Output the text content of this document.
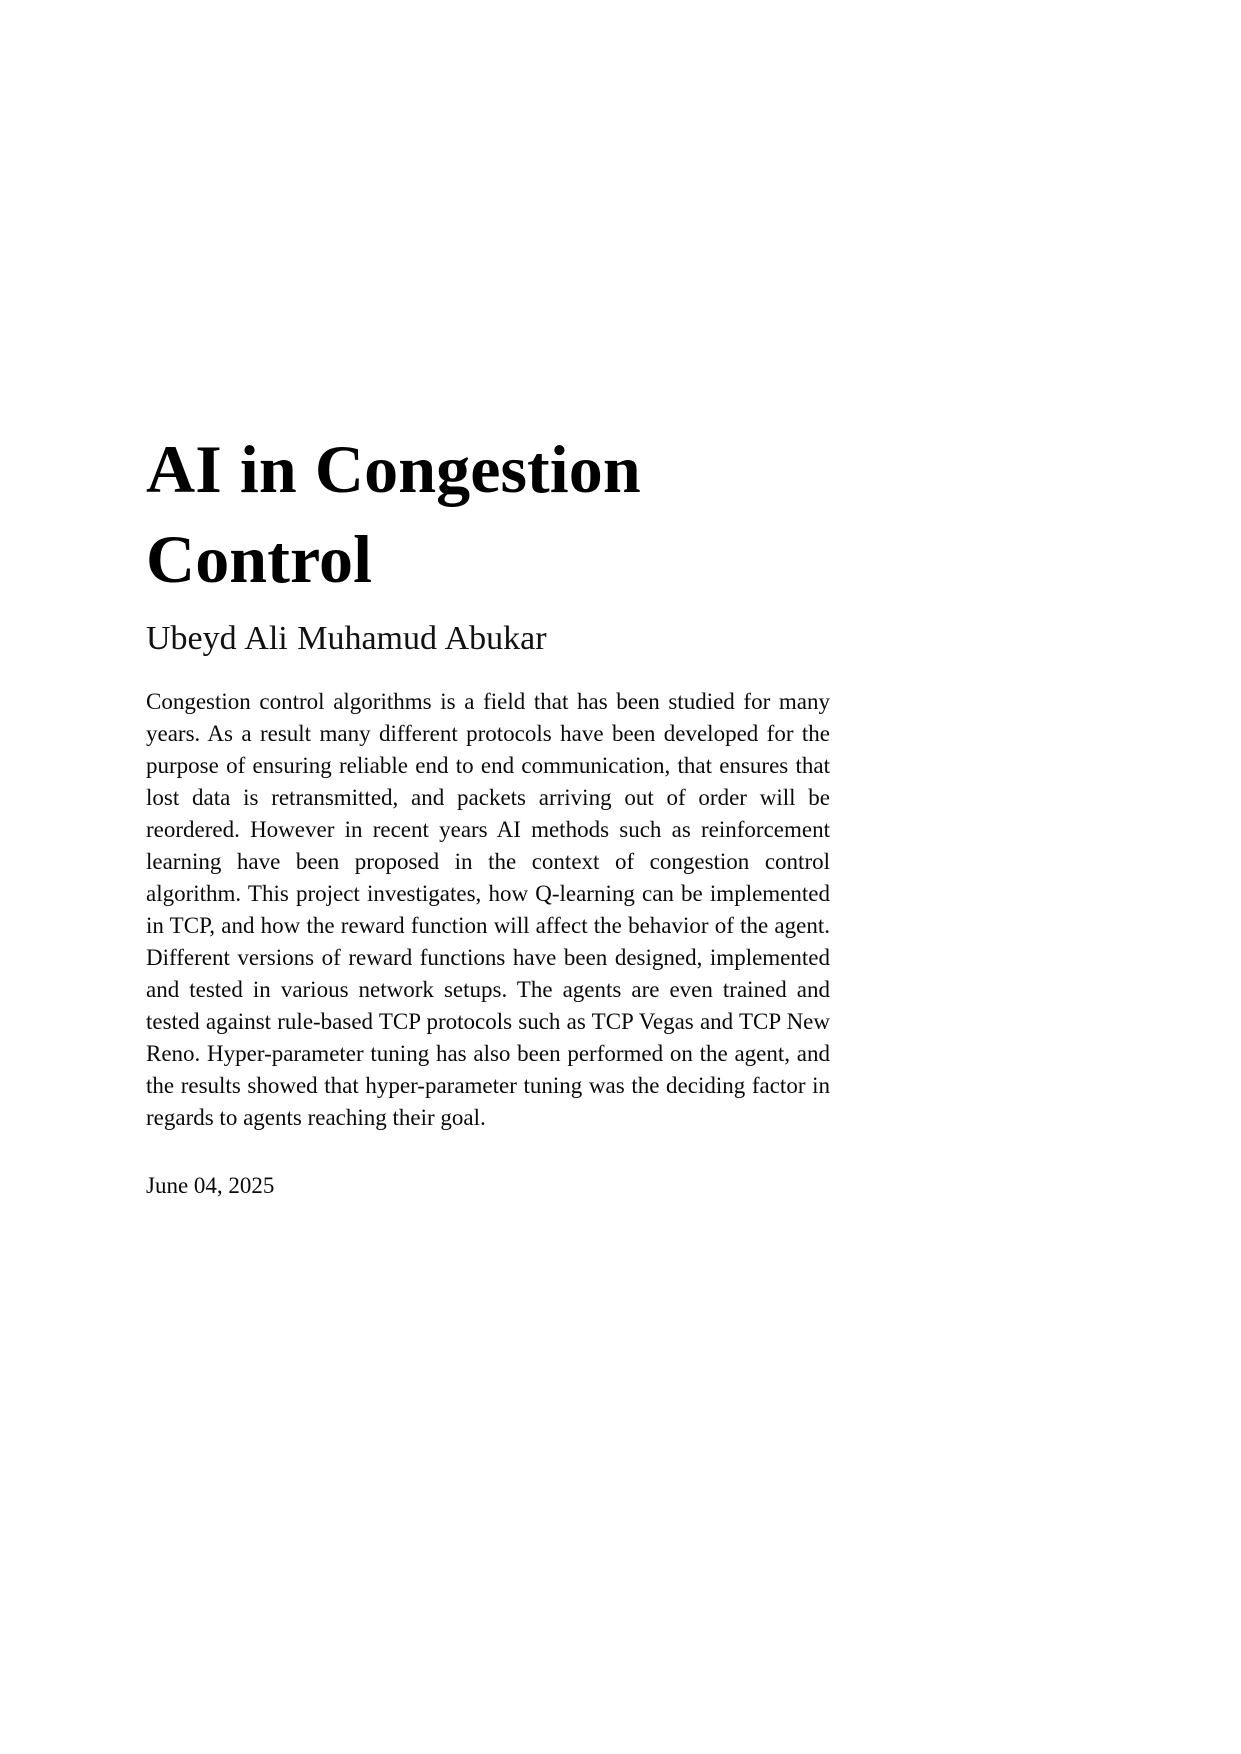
AI in Congestion Control
Ubeyd Ali Muhamud Abukar

Congestion control algorithms is a field that has been studied for many years. As a result many different protocols have been developed for the purpose of ensuring reliable end to end communication, that ensures that lost data is retransmitted, and packets arriving out of order will be reordered. However in recent years AI methods such as reinforcement learning have been proposed in the context of congestion control algorithm. This project investigates, how Q-learning can be implemented in TCP, and how the reward function will affect the behavior of the agent. Different versions of reward functions have been designed, implemented and tested in various network setups. The agents are even trained and tested against rule-based TCP protocols such as TCP Vegas and TCP New Reno. Hyper-parameter tuning has also been performed on the agent, and the results showed that hyper-parameter tuning was the deciding factor in regards to agents reaching their goal.

June 04, 2025
